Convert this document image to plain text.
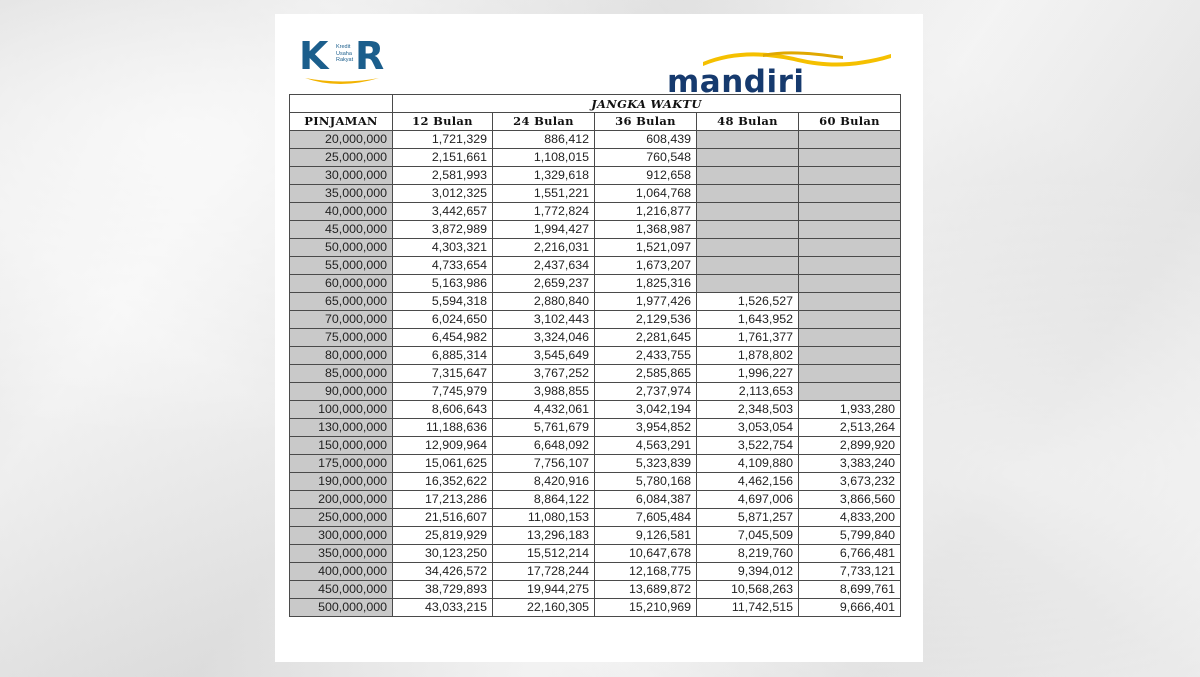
K Kredit
Usaha
Rakyat R
mandiri
	JANGKA WAKTU				
PINJAMAN	12 Bulan	24 Bulan	36 Bulan	48 Bulan	60 Bulan
20,000,000	1,721,329	886,412	608,439		
25,000,000	2,151,661	1,108,015	760,548		
30,000,000	2,581,993	1,329,618	912,658		
35,000,000	3,012,325	1,551,221	1,064,768		
40,000,000	3,442,657	1,772,824	1,216,877		
45,000,000	3,872,989	1,994,427	1,368,987		
50,000,000	4,303,321	2,216,031	1,521,097		
55,000,000	4,733,654	2,437,634	1,673,207		
60,000,000	5,163,986	2,659,237	1,825,316		
65,000,000	5,594,318	2,880,840	1,977,426	1,526,527	
70,000,000	6,024,650	3,102,443	2,129,536	1,643,952	
75,000,000	6,454,982	3,324,046	2,281,645	1,761,377	
80,000,000	6,885,314	3,545,649	2,433,755	1,878,802	
85,000,000	7,315,647	3,767,252	2,585,865	1,996,227	
90,000,000	7,745,979	3,988,855	2,737,974	2,113,653	
100,000,000	8,606,643	4,432,061	3,042,194	2,348,503	1,933,280
130,000,000	11,188,636	5,761,679	3,954,852	3,053,054	2,513,264
150,000,000	12,909,964	6,648,092	4,563,291	3,522,754	2,899,920
175,000,000	15,061,625	7,756,107	5,323,839	4,109,880	3,383,240
190,000,000	16,352,622	8,420,916	5,780,168	4,462,156	3,673,232
200,000,000	17,213,286	8,864,122	6,084,387	4,697,006	3,866,560
250,000,000	21,516,607	11,080,153	7,605,484	5,871,257	4,833,200
300,000,000	25,819,929	13,296,183	9,126,581	7,045,509	5,799,840
350,000,000	30,123,250	15,512,214	10,647,678	8,219,760	6,766,481
400,000,000	34,426,572	17,728,244	12,168,775	9,394,012	7,733,121
450,000,000	38,729,893	19,944,275	13,689,872	10,568,263	8,699,761
500,000,000	43,033,215	22,160,305	15,210,969	11,742,515	9,666,401
